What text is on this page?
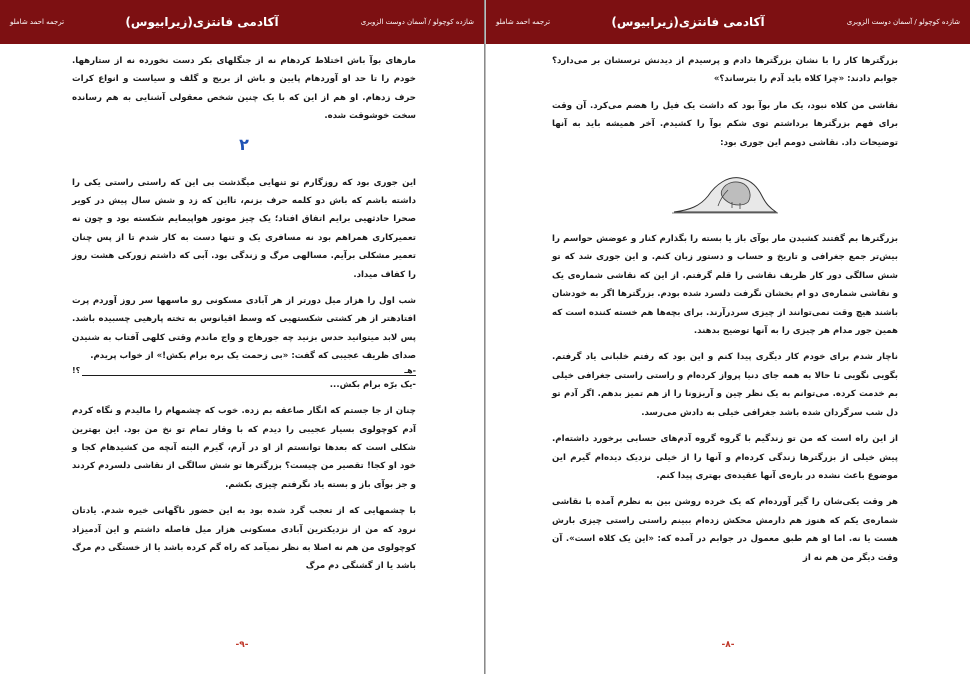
ترجمه احمد شاملو	آکادمی فانتزی(زیرابیوس)	شازده کوچولو / آسمان دوست الزوبری

مارهای بوآ باش اختلاط کردهام نه از جنگلهای بکر دست نخورده نه از ستارهها. خودم را تا حد او آوردهام پایین و باش از بریج و گلف و سیاست و انواع کرات حرف زدهام. او هم از این که با یک چنین شخص معقولی آشنایی به هم رسانده سخت خوشوقت شده.

۲

این جوری بود که روزگارم تو تنهایی میگذشت بی این که راستی راستی یکی را داشته باشم که باش دو کلمه حرف بزنم، تااین که زد و شش سال پیش در کویر صحرا حادثهیی برایم اتفاق افتاد؛ یک چیز موتور هواپیمایم شکسته بود و چون نه تعمیرکاری همراهم بود نه مسافری یک و تنها دست به کار شدم تا از پس چنان تعمیر مشکلی برآیم. مسالهی مرگ و زندگی بود. آبی که داشتم زورکی هشت روز را کفاف میداد.

شب اول را هزار میل دورتر از هر آبادی مسکونی رو ماسهها سر روز آوردم پرت افتادهتر از هر کشتی شکستهیی که وسط اقیانوس به تخته پارهیی چسبیده باشد. پس لابد میتوانید حدس بزنید چه جورهاج و واج ماندم وقتی کلهی آفتاب به شنیدن صدای ظریف عجیبی که گفت: «بی زحمت یک بره برام بکش!» از خواب پریدم.

-هـ
؟!

-یک برّه برام بکش...

چنان از جا جستم که انگار صاعقه بم زده. خوب که چشمهام را مالیدم و نگاه کردم آدم کوچولوی بسیار عجیبی را دیدم که با وقار تمام تو نخ من بود. این بهترین شکلی است که بعدها توانستم از او در آرم، گیرم البته آنچه من کشیدهام کجا و خود او کجا! تقصیر من چیست؟ بزرگترها تو شش سالگی از نقاشی دلسردم کردند و جز بوآی باز و بسته یاد نگرفتم چیزی بکشم.

با چشمهایی که از تعجب گرد شده بود به این حضور ناگهانی خیره شدم. یادتان نرود که من از نزدیکترین آبادی مسکونی هزار میل فاصله داشتم و این آدمیزاد کوچولوی من هم نه اصلا به نظر نمیآمد که راه گم کرده باشد یا از خستگی دم مرگ باشد یا از گشنگی دم مرگ

-۹-
ترجمه احمد شاملو	آکادمی فانتزی(زیرابیوس)	شازده کوچولو / آسمان دوست الزوبری

بزرگترها کار را با نشان بزرگترها دادم و پرسیدم از دیدنش ترسشان بر می‌دارد؟ جوابم دادند: «چرا کلاه باید آدم را بترساند؟»

نقاشی من کلاه نبود، یک مار بوآ بود که داشت یک فیل را هضم می‌کرد. آن وقت برای فهم بزرگترها برداشتم توی شکم بوآ را کشیدم. آخر همیشه باید به آنها توضیحات داد. نقاشی دومم این جوری بود:

بزرگترها بم گفتند کشیدن مار بوآی باز یا بسته را بگذارم کنار و عوضش حواسم را بیش‌تر جمع جغرافی و تاریخ و حساب و دستور زبان کنم. و این جوری شد که تو شش سالگی دور کار ظریف نقاشی را قلم گرفتم. از این که نقاشی شماره‌ی یک و نقاشی شماره‌ی دو ام بخشان نگرفت دلسرد شده بودم. بزرگترها اگر به خودشان باشند هیچ وقت نمی‌توانند از چیزی سردرآرند. برای بچه‌ها هم خسته کننده است که همین جور مدام هر چیزی را به آنها توضیح بدهند.

ناچار شدم برای خودم کار دیگری پیدا کنم و این بود که رفتم خلبانی یاد گرفتم. بگویی نگویی تا حالا به همه جای دنیا پرواز کرده‌ام و راستی راستی جغرافی خیلی بم خدمت کرده. می‌توانم به یک نظر چین و آریزونا را از هم تمیز بدهم. اگر آدم تو دل شب سرگردان شده باشد جغرافی خیلی به دادش می‌رسد.

از این راه است که من تو زندگیم با گروه گروه آدم‌های حسابی برخورد داشته‌ام. پیش خیلی از بزرگترها زندگی کرده‌ام و آنها را از خیلی نزدیک دیده‌ام گیرم این موضوع باعث نشده در باره‌ی آنها عقیده‌ی بهتری پیدا کنم.

هر وقت یکی‌شان را گیر آورده‌ام که یک خرده روشن بین به نظرم آمده با نقاشی شماره‌ی یکم که هنوز هم دارمش محکش زده‌ام ببینم راستی راستی چیزی بارش هست یا نه. اما او هم طبق معمول در جوابم در آمده که: «این یک کلاه است». آن وقت دیگر من هم نه از

-۸-
